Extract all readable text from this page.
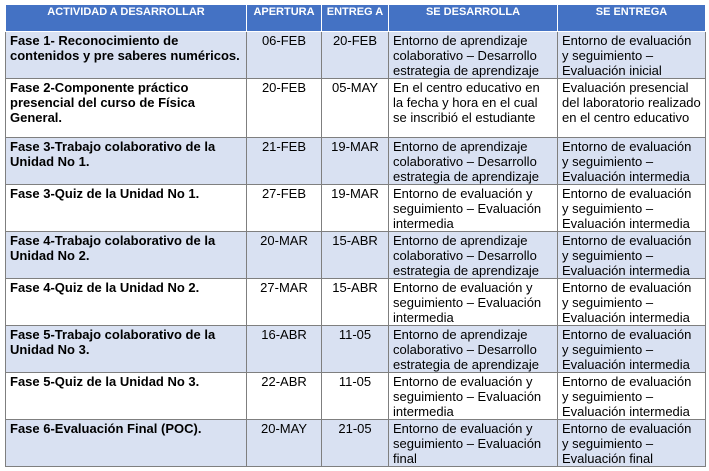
ACTIVIDAD A DESARROLLAR	APERTURA	ENTREG A	SE DESARROLLA	SE ENTREGA
Fase 1- Reconocimiento de contenidos y pre saberes numéricos.	06-FEB	20-FEB	Entorno de aprendizaje colaborativo – Desarrollo estrategia de aprendizaje	Entorno de evaluación y seguimiento – Evaluación inicial
Fase 2-Componente práctico presencial del curso de Física General.	20-FEB	05-MAY	En el centro educativo en la fecha y hora en el cual se inscribió el estudiante	Evaluación presencial del laboratorio realizado en el centro educativo
Fase 3-Trabajo colaborativo de la Unidad No 1.	21-FEB	19-MAR	Entorno de aprendizaje colaborativo – Desarrollo estrategia de aprendizaje	Entorno de evaluación y seguimiento – Evaluación intermedia
Fase 3-Quiz de la Unidad No 1.	27-FEB	19-MAR	Entorno de evaluación y seguimiento – Evaluación intermedia	Entorno de evaluación y seguimiento – Evaluación intermedia
Fase 4-Trabajo colaborativo de la Unidad No 2.	20-MAR	15-ABR	Entorno de aprendizaje colaborativo – Desarrollo estrategia de aprendizaje	Entorno de evaluación y seguimiento – Evaluación intermedia
Fase 4-Quiz de la Unidad No 2.	27-MAR	15-ABR	Entorno de evaluación y seguimiento – Evaluación intermedia	Entorno de evaluación y seguimiento – Evaluación intermedia
Fase 5-Trabajo colaborativo de la Unidad No 3.	16-ABR	11-05	Entorno de aprendizaje colaborativo – Desarrollo estrategia de aprendizaje	Entorno de evaluación y seguimiento – Evaluación intermedia
Fase 5-Quiz de la Unidad No 3.	22-ABR	11-05	Entorno de evaluación y seguimiento – Evaluación intermedia	Entorno de evaluación y seguimiento – Evaluación intermedia
Fase 6-Evaluación Final (POC).	20-MAY	21-05	Entorno de evaluación y seguimiento – Evaluación final	Entorno de evaluación y seguimiento – Evaluación final
